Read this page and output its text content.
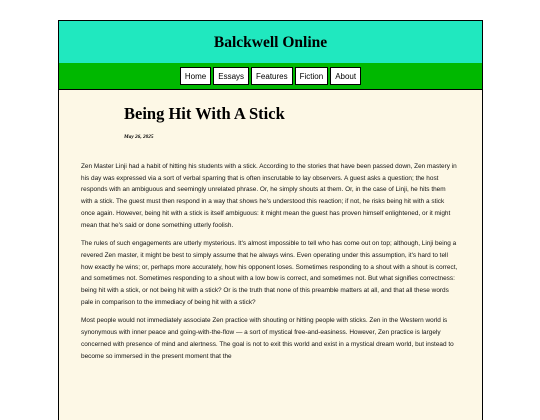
Balckwell Online
Home	Essays	Features	Fiction	About
Being Hit With A Stick
May 26, 2025

Zen Master Linji had a habit of hitting his students with a stick. According to the stories that have been passed down, Zen mastery in his day was expressed via a sort of verbal sparring that is often inscrutable to lay observers. A guest asks a question; the host responds with an ambiguous and seemingly unrelated phrase. Or, he simply shouts at them. Or, in the case of Linji, he hits them with a stick. The guest must then respond in a way that shows he's understood this reaction; if not, he risks being hit with a stick once again. However, being hit with a stick is itself ambiguous: it might mean the guest has proven himself enlightened, or it might mean that he's said or done something utterly foolish.

The rules of such engagements are utterly mysterious. It's almost impossible to tell who has come out on top; although, Linji being a revered Zen master, it might be best to simply assume that he always wins. Even operating under this assumption, it's hard to tell how exactly he wins; or, perhaps more accurately, how his opponent loses. Sometimes responding to a shout with a shout is correct, and sometimes not. Sometimes responding to a shout with a low bow is correct, and sometimes not. But what signifies correctness: being hit with a stick, or not being hit with a stick? Or is the truth that none of this preamble matters at all, and that all these words pale in comparison to the immediacy of being hit with a stick?

Most people would not immediately associate Zen practice with shouting or hitting people with sticks. Zen in the Western world is synonymous with inner peace and going-with-the-flow — a sort of mystical free-and-easiness. However, Zen practice is largely concerned with presence of mind and alertness. The goal is not to exit this world and exist in a mystical dream world, but instead to become so immersed in the present moment that the
